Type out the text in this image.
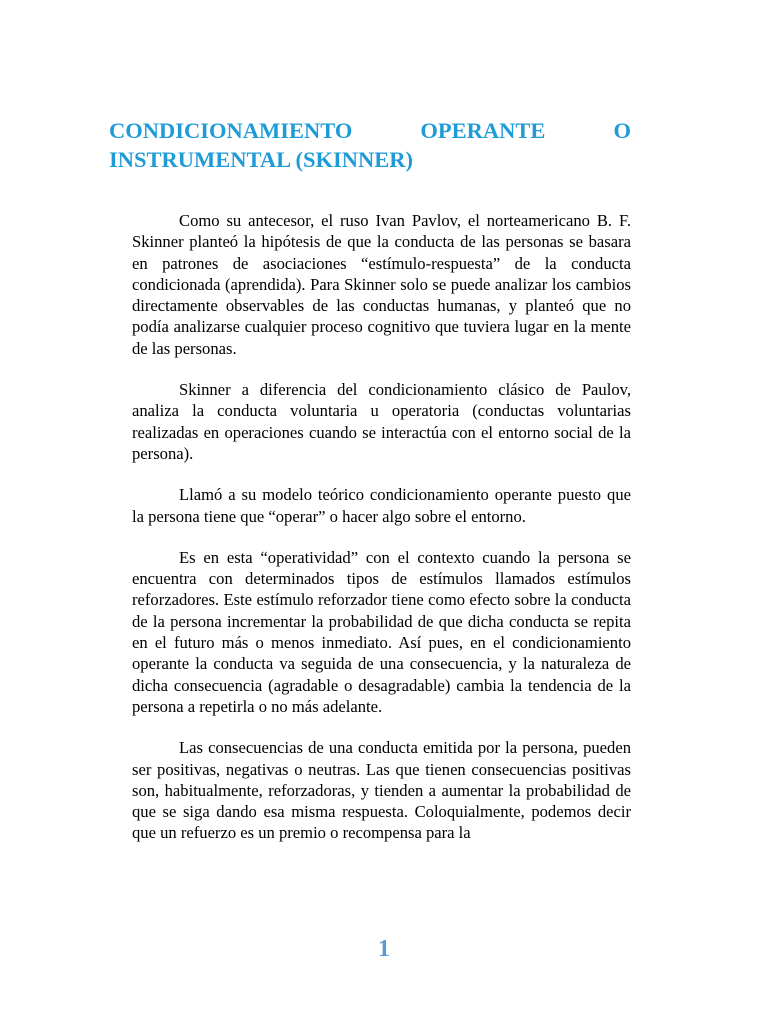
CONDICIONAMIENTO OPERANTE O
INSTRUMENTAL (SKINNER)

Como su antecesor, el ruso Ivan Pavlov, el norteamericano B. F. Skinner planteó la hipótesis de que la conducta de las personas se basara en patrones de asociaciones “estímulo-respuesta” de la conducta condicionada (aprendida). Para Skinner solo se puede analizar los cambios directamente observables de las conductas humanas, y planteó que no podía analizarse cualquier proceso cognitivo que tuviera lugar en la mente de las personas.

Skinner a diferencia del condicionamiento clásico de Paulov, analiza la conducta voluntaria u operatoria (conductas voluntarias realizadas en operaciones cuando se interactúa con el entorno social de la persona).

Llamó a su modelo teórico condicionamiento operante puesto que la persona tiene que “operar” o hacer algo sobre el entorno.

Es en esta “operatividad” con el contexto cuando la persona se encuentra con determinados tipos de estímulos llamados estímulos reforzadores. Este estímulo reforzador tiene como efecto sobre la conducta de la persona incrementar la probabilidad de que dicha conducta se repita en el futuro más o menos inmediato. Así pues, en el condicionamiento operante la conducta va seguida de una consecuencia, y la naturaleza de dicha consecuencia (agradable o desagradable) cambia la tendencia de la persona a repetirla o no más adelante.

Las consecuencias de una conducta emitida por la persona, pueden ser positivas, negativas o neutras. Las que tienen consecuencias positivas son, habitualmente, reforzadoras, y tienden a aumentar la probabilidad de que se siga dando esa misma respuesta. Coloquialmente, podemos decir que un refuerzo es un premio o recompensa para la

1
